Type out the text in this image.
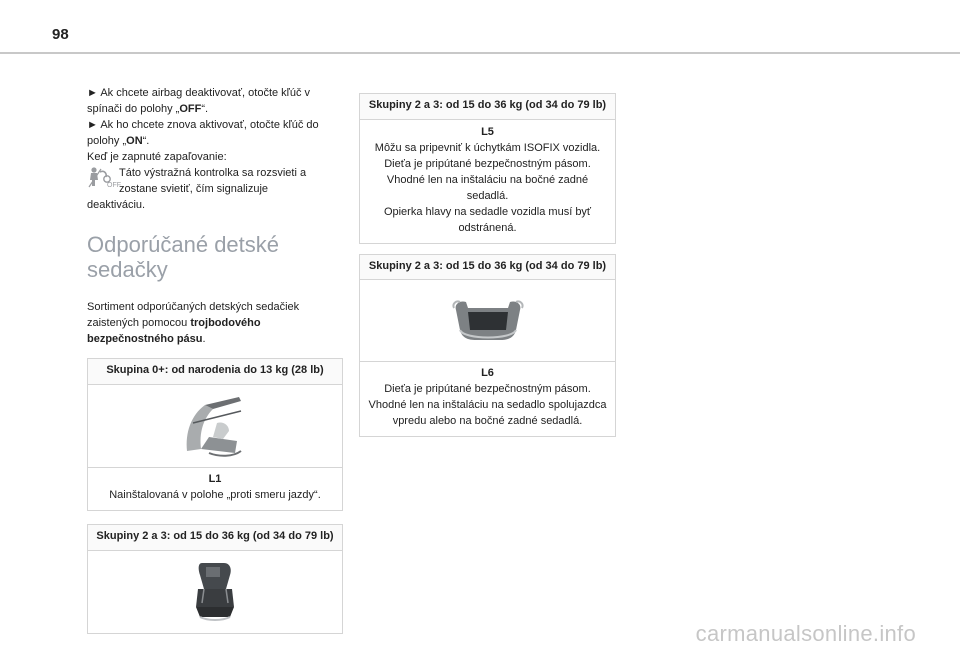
98
► Ak chcete airbag deaktivovať, otočte kľúč v spínači do polohy „OFF“.
► Ak ho chcete znova aktivovať, otočte kľúč do polohy „ON“.
Keď je zapnuté zapaľovanie:
OFF
Táto výstražná kontrolka sa rozsvieti a
zostane svietiť, čím signalizuje
deaktiváciu.
Odporúčané detské sedačky
Sortiment odporúčaných detských sedačiek zaistených pomocou trojbodového bezpečnostného pásu.
Skupina 0+: od narodenia do 13 kg (28 lb)
L1
Nainštalovaná v polohe „proti smeru jazdy“.
Skupiny 2 a 3: od 15 do 36 kg (od 34 do 79 lb)
Skupiny 2 a 3: od 15 do 36 kg (od 34 do 79 lb)
L5
Môžu sa pripevniť k úchytkám ISOFIX vozidla.
Dieťa je pripútané bezpečnostným pásom.
Vhodné len na inštaláciu na bočné zadné sedadlá.
Opierka hlavy na sedadle vozidla musí byť odstránená.
Skupiny 2 a 3: od 15 do 36 kg (od 34 do 79 lb)
L6
Dieťa je pripútané bezpečnostným pásom.
Vhodné len na inštaláciu na sedadlo spolujazdca vpredu alebo na bočné zadné sedadlá.
carmanualsonline.info
